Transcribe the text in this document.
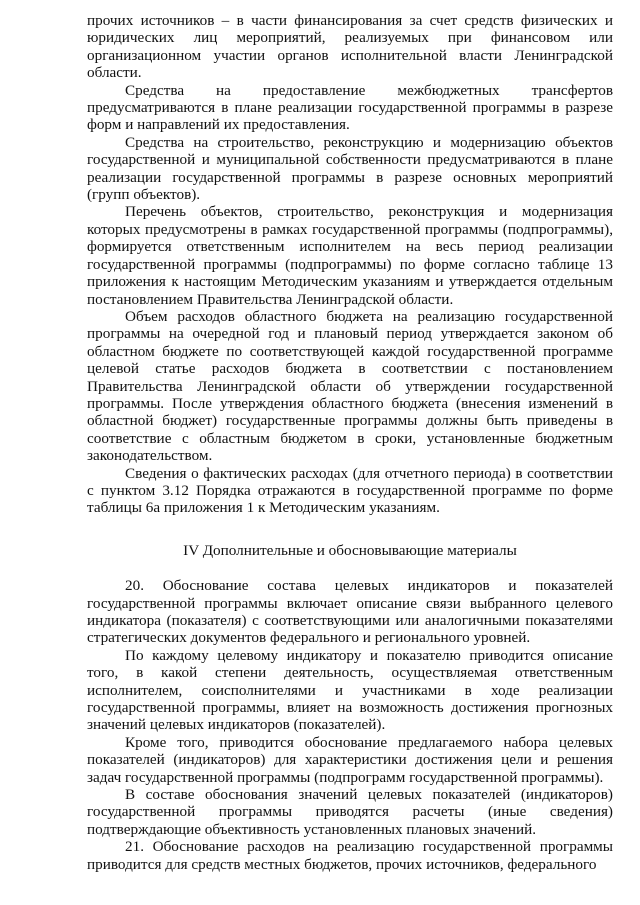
прочих источников – в части финансирования за счет средств физических и юридических лиц мероприятий, реализуемых при финансовом или организационном участии органов исполнительной власти Ленинградской области.

Средства на предоставление межбюджетных трансфертов предусматриваются в плане реализации государственной программы в разрезе форм и направлений их предоставления.

Средства на строительство, реконструкцию и модернизацию объектов государственной и муниципальной собственности предусматриваются в плане реализации государственной программы в разрезе основных мероприятий (групп объектов).

Перечень объектов, строительство, реконструкция и модернизация которых предусмотрены в рамках государственной программы (подпрограммы), формируется ответственным исполнителем на весь период реализации государственной программы (подпрограммы) по форме согласно таблице 13 приложения к настоящим Методическим указаниям и утверждается отдельным постановлением Правительства Ленинградской области.

Объем расходов областного бюджета на реализацию государственной программы на очередной год и плановый период утверждается законом об областном бюджете по соответствующей каждой государственной программе целевой статье расходов бюджета в соответствии с постановлением Правительства Ленинградской области об утверждении государственной программы. После утверждения областного бюджета (внесения изменений в областной бюджет) государственные программы должны быть приведены в соответствие с областным бюджетом в сроки, установленные бюджетным законодательством.

Сведения о фактических расходах (для отчетного периода) в соответствии с пунктом 3.12 Порядка отражаются в государственной программе по форме таблицы 6а приложения 1 к Методическим указаниям.

IV Дополнительные и обосновывающие материалы

20. Обоснование состава целевых индикаторов и показателей государственной программы включает описание связи выбранного целевого индикатора (показателя) с соответствующими или аналогичными показателями стратегических документов федерального и регионального уровней.

По каждому целевому индикатору и показателю приводится описание того, в какой степени деятельность, осуществляемая ответственным исполнителем, соисполнителями и участниками в ходе реализации государственной программы, влияет на возможность достижения прогнозных значений целевых индикаторов (показателей).

Кроме того, приводится обоснование предлагаемого набора целевых показателей (индикаторов) для характеристики достижения цели и решения задач государственной программы (подпрограмм государственной программы).

В составе обоснования значений целевых показателей (индикаторов) государственной программы приводятся расчеты (иные сведения) подтверждающие объективность установленных плановых значений.

21. Обоснование расходов на реализацию государственной программы приводится для средств местных бюджетов, прочих источников, федерального
